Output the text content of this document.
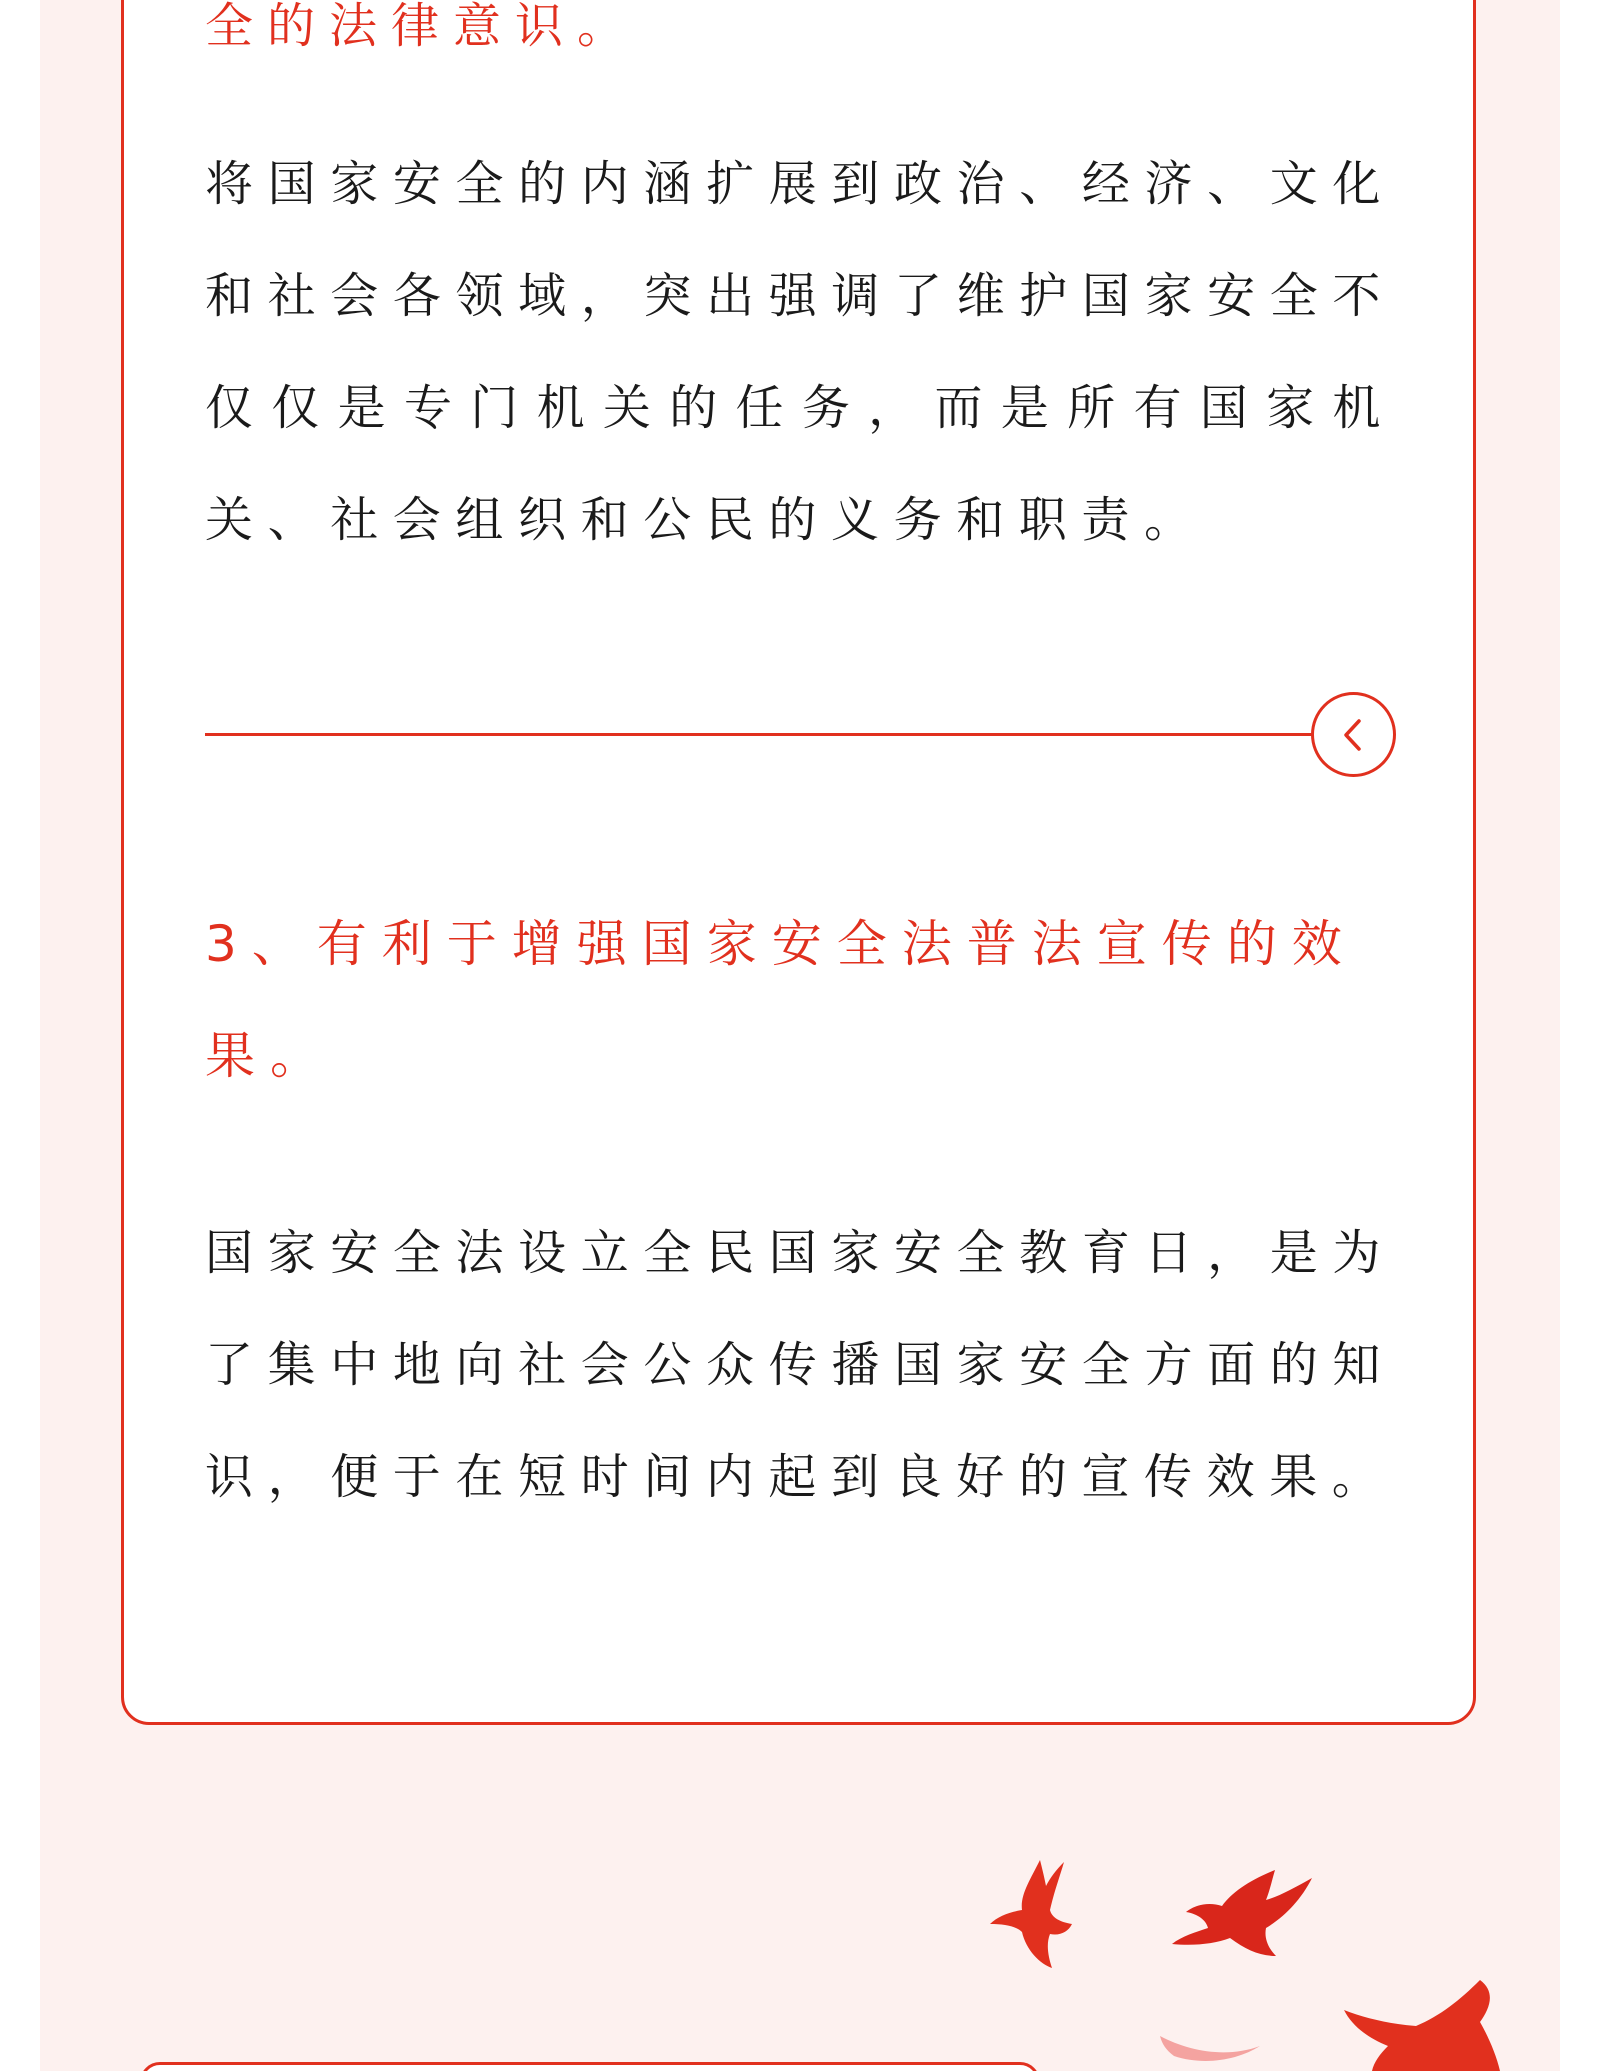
全的法律意识。

将国家安全的内涵扩展到政治、经济、文化和社会各领域，突出强调了维护国家安全不仅仅是专门机关的任务，而是所有国家机关、社会组织和公民的义务和职责。

3、有利于增强国家安全法普法宣传的效果。

国家安全法设立全民国家安全教育日，是为了集中地向社会公众传播国家安全方面的知识，便于在短时间内起到良好的宣传效果。
